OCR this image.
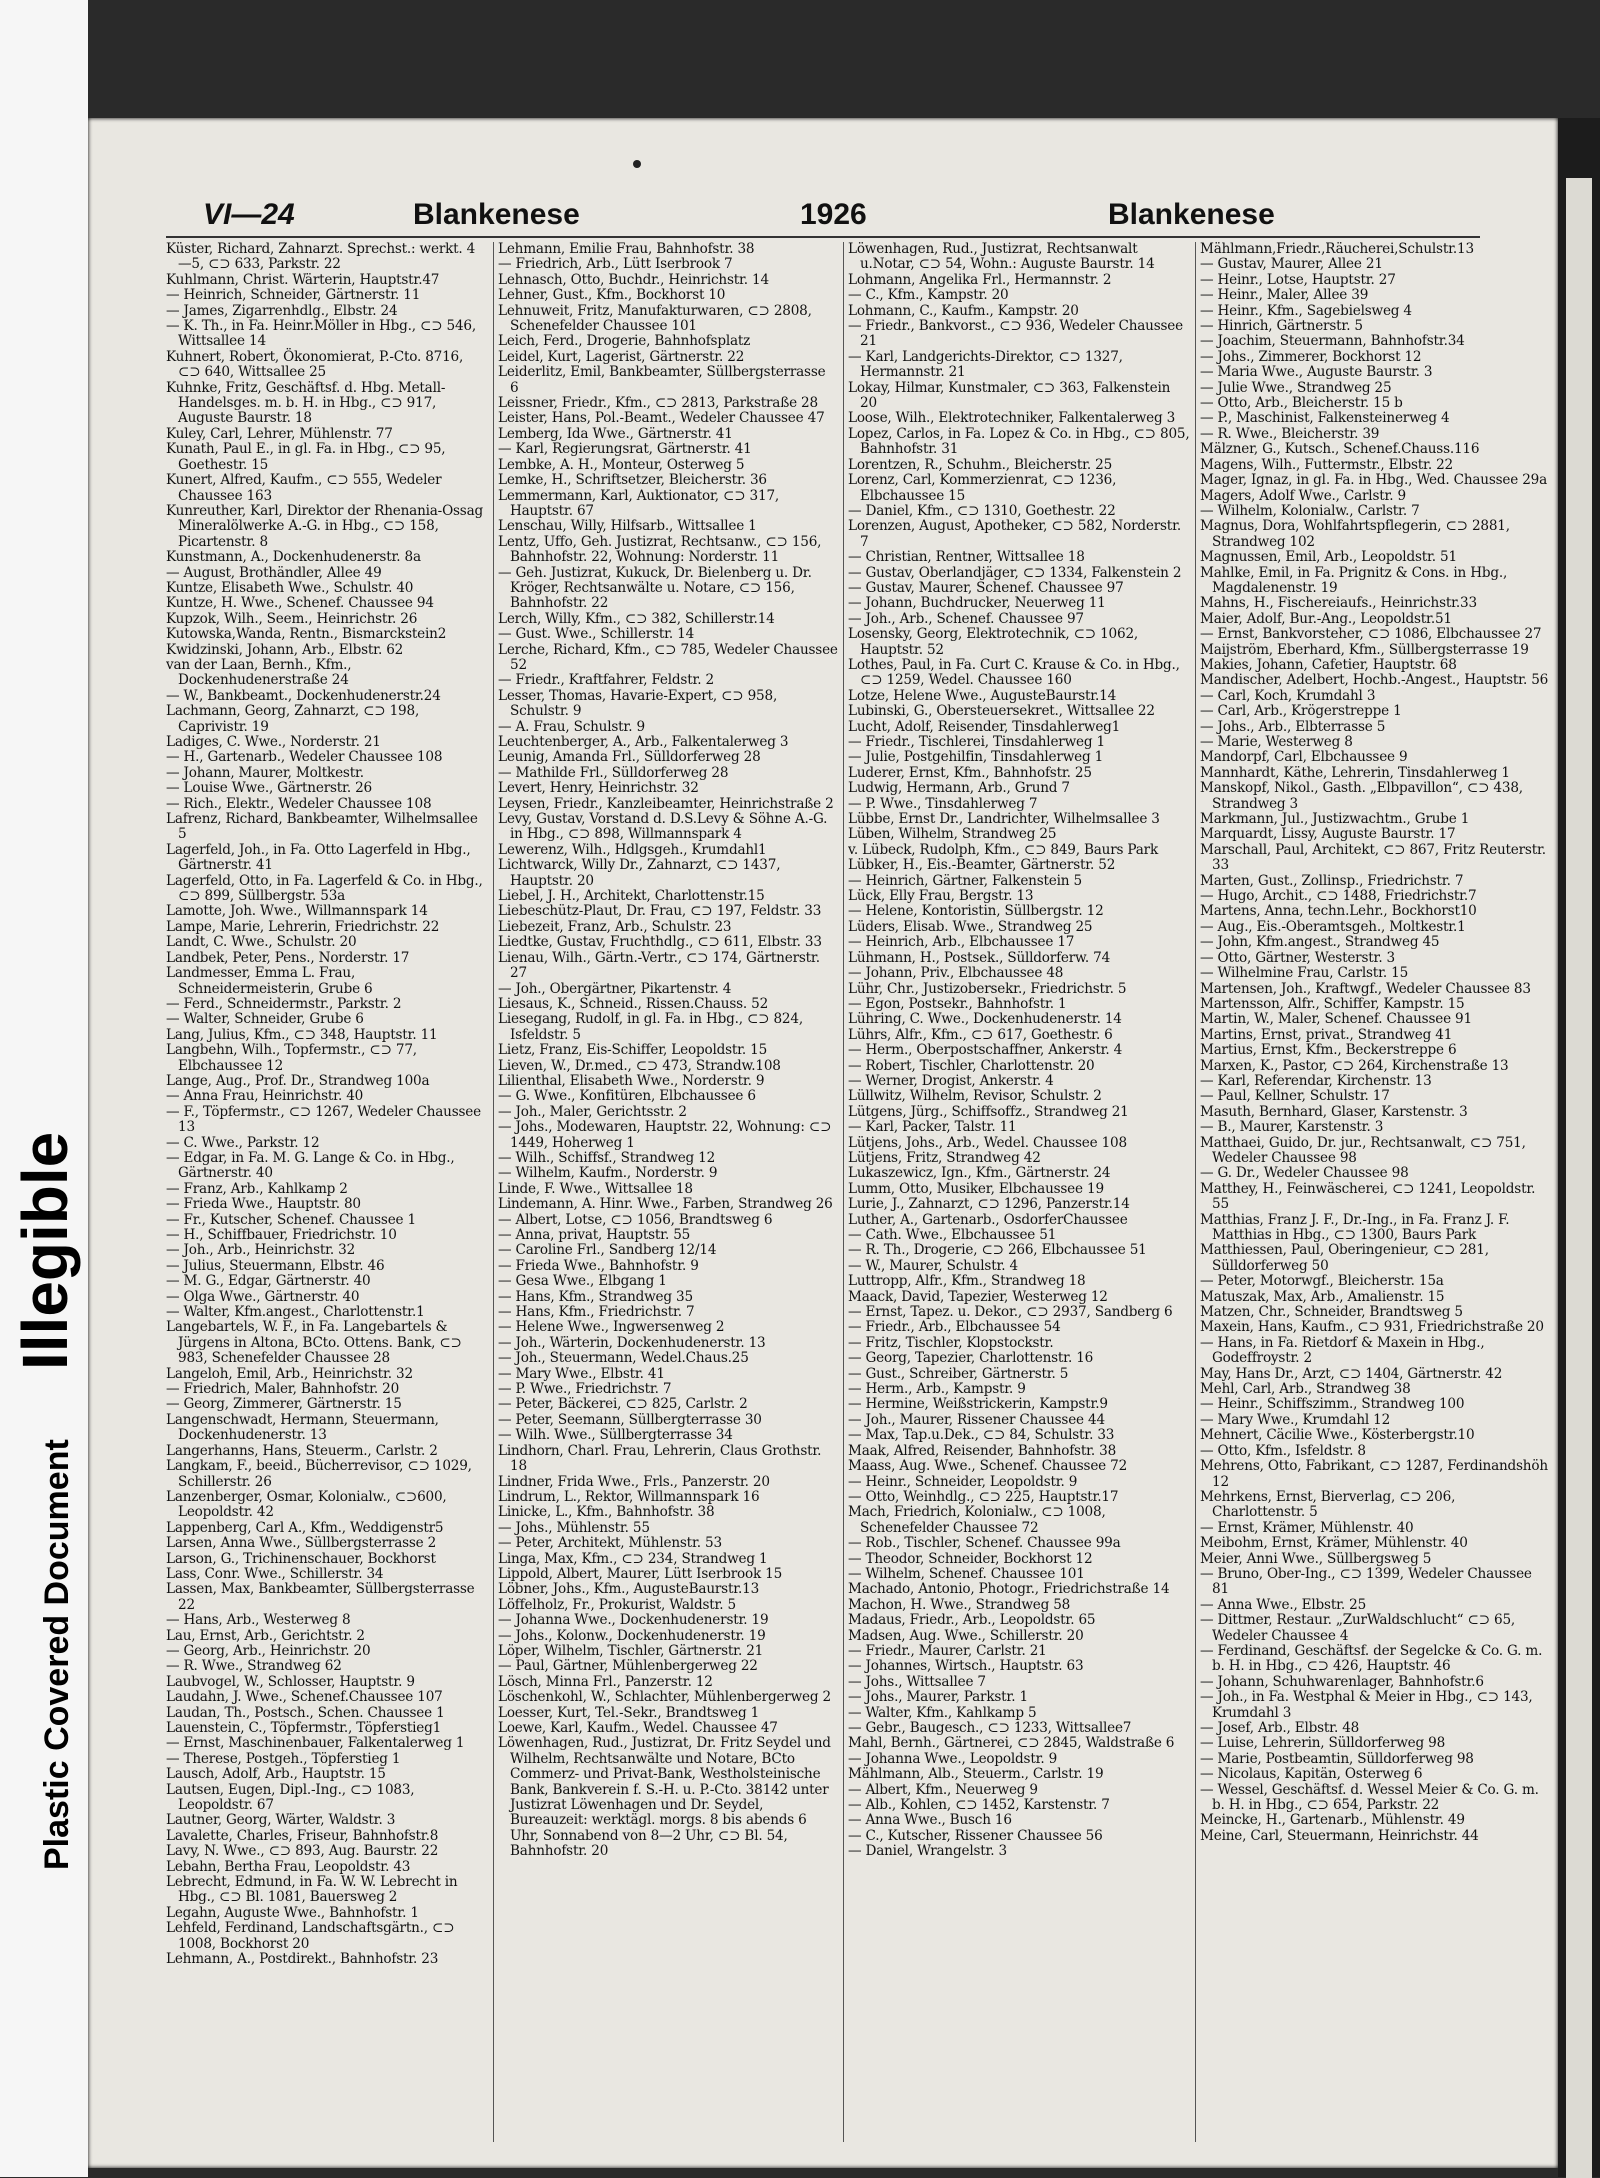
Illegible
Plastic Covered Document
VI—24	Blankenese	1926	Blankenese

Küster, Richard, Zahnarzt. Sprechst.: werkt. 4—5, ⊂⊃ 633, Parkstr. 22

Kuhlmann, Christ. Wärterin, Hauptstr.47

— Heinrich, Schneider, Gärtnerstr. 11

— James, Zigarrenhdlg., Elbstr. 24

— K. Th., in Fa. Heinr.Möller in Hbg., ⊂⊃ 546, Wittsallee 14

Kuhnert, Robert, Ökonomierat, P.-Cto. 8716, ⊂⊃ 640, Wittsallee 25

Kuhnke, Fritz, Geschäftsf. d. Hbg. Metall-Handelsges. m. b. H. in Hbg., ⊂⊃ 917, Auguste Baurstr. 18

Kuley, Carl, Lehrer, Mühlenstr. 77

Kunath, Paul E., in gl. Fa. in Hbg., ⊂⊃ 95, Goethestr. 15

Kunert, Alfred, Kaufm., ⊂⊃ 555, Wedeler Chaussee 163

Kunreuther, Karl, Direktor der Rhenania-Ossag Mineralölwerke A.-G. in Hbg., ⊂⊃ 158, Picartenstr. 8

Kunstmann, A., Dockenhudenerstr. 8a

— August, Brothändler, Allee 49

Kuntze, Elisabeth Wwe., Schulstr. 40

Kuntze, H. Wwe., Schenef. Chaussee 94

Kupzok, Wilh., Seem., Heinrichstr. 26

Kutowska,Wanda, Rentn., Bismarckstein2

Kwidzinski, Johann, Arb., Elbstr. 62

van der Laan, Bernh., Kfm., Dockenhudenerstraße 24

— W., Bankbeamt., Dockenhudenerstr.24

Lachmann, Georg, Zahnarzt, ⊂⊃ 198, Caprivistr. 19

Ladiges, C. Wwe., Norderstr. 21

— H., Gartenarb., Wedeler Chaussee 108

— Johann, Maurer, Moltkestr.

— Louise Wwe., Gärtnerstr. 26

— Rich., Elektr., Wedeler Chaussee 108

Lafrenz, Richard, Bankbeamter, Wilhelmsallee 5

Lagerfeld, Joh., in Fa. Otto Lagerfeld in Hbg., Gärtnerstr. 41

Lagerfeld, Otto, in Fa. Lagerfeld & Co. in Hbg., ⊂⊃ 899, Süllbergstr. 53a

Lamotte, Joh. Wwe., Willmannspark 14

Lampe, Marie, Lehrerin, Friedrichstr. 22

Landt, C. Wwe., Schulstr. 20

Landbek, Peter, Pens., Norderstr. 17

Landmesser, Emma L. Frau, Schneidermeisterin, Grube 6

— Ferd., Schneidermstr., Parkstr. 2

— Walter, Schneider, Grube 6

Lang, Julius, Kfm., ⊂⊃ 348, Hauptstr. 11

Langbehn, Wilh., Topfermstr., ⊂⊃ 77, Elbchaussee 12

Lange, Aug., Prof. Dr., Strandweg 100a

— Anna Frau, Heinrichstr. 40

— F., Töpfermstr., ⊂⊃ 1267, Wedeler Chaussee 13

— C. Wwe., Parkstr. 12

— Edgar, in Fa. M. G. Lange & Co. in Hbg., Gärtnerstr. 40

— Franz, Arb., Kahlkamp 2

— Frieda Wwe., Hauptstr. 80

— Fr., Kutscher, Schenef. Chaussee 1

— H., Schiffbauer, Friedrichstr. 10

— Joh., Arb., Heinrichstr. 32

— Julius, Steuermann, Elbstr. 46

— M. G., Edgar, Gärtnerstr. 40

— Olga Wwe., Gärtnerstr. 40

— Walter, Kfm.angest., Charlottenstr.1

Langebartels, W. F., in Fa. Langebartels & Jürgens in Altona, BCto. Ottens. Bank, ⊂⊃ 983, Schenefelder Chaussee 28

Langeloh, Emil, Arb., Heinrichstr. 32

— Friedrich, Maler, Bahnhofstr. 20

— Georg, Zimmerer, Gärtnerstr. 15

Langenschwadt, Hermann, Steuermann, Dockenhudenerstr. 13

Langerhanns, Hans, Steuerm., Carlstr. 2

Langkam, F., beeid., Bücherrevisor, ⊂⊃ 1029, Schillerstr. 26

Lanzenberger, Osmar, Kolonialw., ⊂⊃600, Leopoldstr. 42

Lappenberg, Carl A., Kfm., Weddigenstr5

Larsen, Anna Wwe., Süllbergsterrasse 2

Larson, G., Trichinenschauer, Bockhorst

Lass, Conr. Wwe., Schillerstr. 34

Lassen, Max, Bankbeamter, Süllbergsterrasse 22

— Hans, Arb., Westerweg 8

Lau, Ernst, Arb., Gerichtstr. 2

— Georg, Arb., Heinrichstr. 20

— R. Wwe., Strandweg 62

Laubvogel, W., Schlosser, Hauptstr. 9

Laudahn, J. Wwe., Schenef.Chaussee 107

Laudan, Th., Postsch., Schen. Chaussee 1

Lauenstein, C., Töpfermstr., Töpferstieg1

— Ernst, Maschinenbauer, Falkentalerweg 1

— Therese, Postgeh., Töpferstieg 1

Lausch, Adolf, Arb., Hauptstr. 15

Lautsen, Eugen, Dipl.-Ing., ⊂⊃ 1083, Leopoldstr. 67

Lautner, Georg, Wärter, Waldstr. 3

Lavalette, Charles, Friseur, Bahnhofstr.8

Lavy, N. Wwe., ⊂⊃ 893, Aug. Baurstr. 22

Lebahn, Bertha Frau, Leopoldstr. 43

Lebrecht, Edmund, in Fa. W. W. Lebrecht in Hbg., ⊂⊃ Bl. 1081, Bauersweg 2

Legahn, Auguste Wwe., Bahnhofstr. 1

Lehfeld, Ferdinand, Landschaftsgärtn., ⊂⊃ 1008, Bockhorst 20

Lehmann, A., Postdirekt., Bahnhofstr. 23

Lehmann, Emilie Frau, Bahnhofstr. 38

— Friedrich, Arb., Lütt Iserbrook 7

Lehnasch, Otto, Buchdr., Heinrichstr. 14

Lehner, Gust., Kfm., Bockhorst 10

Lehnuweit, Fritz, Manufakturwaren, ⊂⊃ 2808, Schenefelder Chaussee 101

Leich, Ferd., Drogerie, Bahnhofsplatz

Leidel, Kurt, Lagerist, Gärtnerstr. 22

Leiderlitz, Emil, Bankbeamter, Süllbergsterrasse 6

Leissner, Friedr., Kfm., ⊂⊃ 2813, Parkstraße 28

Leister, Hans, Pol.-Beamt., Wedeler Chaussee 47

Lemberg, Ida Wwe., Gärtnerstr. 41

— Karl, Regierungsrat, Gärtnerstr. 41

Lembke, A. H., Monteur, Osterweg 5

Lemke, H., Schriftsetzer, Bleicherstr. 36

Lemmermann, Karl, Auktionator, ⊂⊃ 317, Hauptstr. 67

Lenschau, Willy, Hilfsarb., Wittsallee 1

Lentz, Uffo, Geh. Justizrat, Rechtsanw., ⊂⊃ 156, Bahnhofstr. 22, Wohnung: Norderstr. 11

— Geh. Justizrat, Kukuck, Dr. Bielenberg u. Dr. Kröger, Rechtsanwälte u. Notare, ⊂⊃ 156, Bahnhofstr. 22

Lerch, Willy, Kfm., ⊂⊃ 382, Schillerstr.14

— Gust. Wwe., Schillerstr. 14

Lerche, Richard, Kfm., ⊂⊃ 785, Wedeler Chaussee 52

— Friedr., Kraftfahrer, Feldstr. 2

Lesser, Thomas, Havarie-Expert, ⊂⊃ 958, Schulstr. 9

— A. Frau, Schulstr. 9

Leuchtenberger, A., Arb., Falkentalerweg 3

Leunig, Amanda Frl., Sülldorferweg 28

— Mathilde Frl., Sülldorferweg 28

Levert, Henry, Heinrichstr. 32

Leysen, Friedr., Kanzleibeamter, Heinrichstraße 2

Levy, Gustav, Vorstand d. D.S.Levy & Söhne A.-G. in Hbg., ⊂⊃ 898, Willmannspark 4

Lewerenz, Wilh., Hdlgsgeh., Krumdahl1

Lichtwarck, Willy Dr., Zahnarzt, ⊂⊃ 1437, Hauptstr. 20

Liebel, J. H., Architekt, Charlottenstr.15

Liebeschütz-Plaut, Dr. Frau, ⊂⊃ 197, Feldstr. 33

Liebezeit, Franz, Arb., Schulstr. 23

Liedtke, Gustav, Fruchthdlg., ⊂⊃ 611, Elbstr. 33

Lienau, Wilh., Gärtn.-Vertr., ⊂⊃ 174, Gärtnerstr. 27

— Joh., Obergärtner, Pikartenstr. 4

Liesaus, K., Schneid., Rissen.Chauss. 52

Liesegang, Rudolf, in gl. Fa. in Hbg., ⊂⊃ 824, Isfeldstr. 5

Lietz, Franz, Eis-Schiffer, Leopoldstr. 15

Lieven, W., Dr.med., ⊂⊃ 473, Strandw.108

Lilienthal, Elisabeth Wwe., Norderstr. 9

— G. Wwe., Konfitüren, Elbchaussee 6

— Joh., Maler, Gerichtsstr. 2

— Johs., Modewaren, Hauptstr. 22, Wohnung: ⊂⊃ 1449, Hoherweg 1

— Wilh., Schiffsf., Strandweg 12

— Wilhelm, Kaufm., Norderstr. 9

Linde, F. Wwe., Wittsallee 18

Lindemann, A. Hinr. Wwe., Farben, Strandweg 26

— Albert, Lotse, ⊂⊃ 1056, Brandtsweg 6

— Anna, privat, Hauptstr. 55

— Caroline Frl., Sandberg 12/14

— Frieda Wwe., Bahnhofstr. 9

— Gesa Wwe., Elbgang 1

— Hans, Kfm., Strandweg 35

— Hans, Kfm., Friedrichstr. 7

— Helene Wwe., Ingwersenweg 2

— Joh., Wärterin, Dockenhudenerstr. 13

— Joh., Steuermann, Wedel.Chaus.25

— Mary Wwe., Elbstr. 41

— P. Wwe., Friedrichstr. 7

— Peter, Bäckerei, ⊂⊃ 825, Carlstr. 2

— Peter, Seemann, Süllbergterrasse 30

— Wilh. Wwe., Süllbergterrasse 34

Lindhorn, Charl. Frau, Lehrerin, Claus Grothstr. 18

Lindner, Frida Wwe., Frls., Panzerstr. 20

Lindrum, L., Rektor, Willmannspark 16

Linicke, L., Kfm., Bahnhofstr. 38

— Johs., Mühlenstr. 55

— Peter, Architekt, Mühlenstr. 53

Linga, Max, Kfm., ⊂⊃ 234, Strandweg 1

Lippold, Albert, Maurer, Lütt Iserbrook 15

Löbner, Johs., Kfm., AugusteBaurstr.13

Löffelholz, Fr., Prokurist, Waldstr. 5

— Johanna Wwe., Dockenhudenerstr. 19

— Johs., Kolonw., Dockenhudenerstr. 19

Löper, Wilhelm, Tischler, Gärtnerstr. 21

— Paul, Gärtner, Mühlenbergerweg 22

Lösch, Minna Frl., Panzerstr. 12

Löschenkohl, W., Schlachter, Mühlenbergerweg 2

Loesser, Kurt, Tel.-Sekr., Brandtsweg 1

Loewe, Karl, Kaufm., Wedel. Chaussee 47

Löwenhagen, Rud., Justizrat, Dr. Fritz Seydel und Wilhelm, Rechtsanwälte und Notare, BCto Commerz- und Privat-Bank, Westholsteinische Bank, Bankverein f. S.-H. u. P.-Cto. 38142 unter Justizrat Löwenhagen und Dr. Seydel, Bureauzeit: werktägl. morgs. 8 bis abends 6 Uhr, Sonnabend von 8—2 Uhr, ⊂⊃ Bl. 54, Bahnhofstr. 20

Löwenhagen, Rud., Justizrat, Rechtsanwalt u.Notar, ⊂⊃ 54, Wohn.: Auguste Baurstr. 14

Lohmann, Angelika Frl., Hermannstr. 2

— C., Kfm., Kampstr. 20

Lohmann, C., Kaufm., Kampstr. 20

— Friedr., Bankvorst., ⊂⊃ 936, Wedeler Chaussee 21

— Karl, Landgerichts-Direktor, ⊂⊃ 1327, Hermannstr. 21

Lokay, Hilmar, Kunstmaler, ⊂⊃ 363, Falkenstein 20

Loose, Wilh., Elektrotechniker, Falkentalerweg 3

Lopez, Carlos, in Fa. Lopez & Co. in Hbg., ⊂⊃ 805, Bahnhofstr. 31

Lorentzen, R., Schuhm., Bleicherstr. 25

Lorenz, Carl, Kommerzienrat, ⊂⊃ 1236, Elbchaussee 15

— Daniel, Kfm., ⊂⊃ 1310, Goethestr. 22

Lorenzen, August, Apotheker, ⊂⊃ 582, Norderstr. 7

— Christian, Rentner, Wittsallee 18

— Gustav, Oberlandjäger, ⊂⊃ 1334, Falkenstein 2

— Gustav, Maurer, Schenef. Chaussee 97

— Johann, Buchdrucker, Neuerweg 11

— Joh., Arb., Schenef. Chaussee 97

Losensky, Georg, Elektrotechnik, ⊂⊃ 1062, Hauptstr. 52

Lothes, Paul, in Fa. Curt C. Krause & Co. in Hbg., ⊂⊃ 1259, Wedel. Chaussee 160

Lotze, Helene Wwe., AugusteBaurstr.14

Lubinski, G., Obersteuersekret., Wittsallee 22

Lucht, Adolf, Reisender, Tinsdahlerweg1

— Friedr., Tischlerei, Tinsdahlerweg 1

— Julie, Postgehilfin, Tinsdahlerweg 1

Luderer, Ernst, Kfm., Bahnhofstr. 25

Ludwig, Hermann, Arb., Grund 7

— P. Wwe., Tinsdahlerweg 7

Lübbe, Ernst Dr., Landrichter, Wilhelmsallee 3

Lüben, Wilhelm, Strandweg 25

v. Lübeck, Rudolph, Kfm., ⊂⊃ 849, Baurs Park

Lübker, H., Eis.-Beamter, Gärtnerstr. 52

— Heinrich, Gärtner, Falkenstein 5

Lück, Elly Frau, Bergstr. 13

— Helene, Kontoristin, Süllbergstr. 12

Lüders, Elisab. Wwe., Strandweg 25

— Heinrich, Arb., Elbchaussee 17

Lühmann, H., Postsek., Sülldorferw. 74

— Johann, Priv., Elbchaussee 48

Lühr, Chr., Justizobersekr., Friedrichstr. 5

— Egon, Postsekr., Bahnhofstr. 1

Lühring, C. Wwe., Dockenhudenerstr. 14

Lührs, Alfr., Kfm., ⊂⊃ 617, Goethestr. 6

— Herm., Oberpostschaffner, Ankerstr. 4

— Robert, Tischler, Charlottenstr. 20

— Werner, Drogist, Ankerstr. 4

Lüllwitz, Wilhelm, Revisor, Schulstr. 2

Lütgens, Jürg., Schiffsoffz., Strandweg 21

— Karl, Packer, Talstr. 11

Lütjens, Johs., Arb., Wedel. Chaussee 108

Lütjens, Fritz, Strandweg 42

Lukaszewicz, Ign., Kfm., Gärtnerstr. 24

Lumm, Otto, Musiker, Elbchaussee 19

Lurie, J., Zahnarzt, ⊂⊃ 1296, Panzerstr.14

Luther, A., Gartenarb., OsdorferChaussee

— Cath. Wwe., Elbchaussee 51

— R. Th., Drogerie, ⊂⊃ 266, Elbchaussee 51

— W., Maurer, Schulstr. 4

Luttropp, Alfr., Kfm., Strandweg 18

Maack, David, Tapezier, Westerweg 12

— Ernst, Tapez. u. Dekor., ⊂⊃ 2937, Sandberg 6

— Friedr., Arb., Elbchaussee 54

— Fritz, Tischler, Klopstockstr.

— Georg, Tapezier, Charlottenstr. 16

— Gust., Schreiber, Gärtnerstr. 5

— Herm., Arb., Kampstr. 9

— Hermine, Weißstrickerin, Kampstr.9

— Joh., Maurer, Rissener Chaussee 44

— Max, Tap.u.Dek., ⊂⊃ 84, Schulstr. 33

Maak, Alfred, Reisender, Bahnhofstr. 38

Maass, Aug. Wwe., Schenef. Chaussee 72

— Heinr., Schneider, Leopoldstr. 9

— Otto, Weinhdlg., ⊂⊃ 225, Hauptstr.17

Mach, Friedrich, Kolonialw., ⊂⊃ 1008, Schenefelder Chaussee 72

— Rob., Tischler, Schenef. Chaussee 99a

— Theodor, Schneider, Bockhorst 12

— Wilhelm, Schenef. Chaussee 101

Machado, Antonio, Photogr., Friedrichstraße 14

Machon, H. Wwe., Strandweg 58

Madaus, Friedr., Arb., Leopoldstr. 65

Madsen, Aug. Wwe., Schillerstr. 20

— Friedr., Maurer, Carlstr. 21

— Johannes, Wirtsch., Hauptstr. 63

— Johs., Wittsallee 7

— Johs., Maurer, Parkstr. 1

— Walter, Kfm., Kahlkamp 5

— Gebr., Baugesch., ⊂⊃ 1233, Wittsallee7

Mahl, Bernh., Gärtnerei, ⊂⊃ 2845, Waldstraße 6

— Johanna Wwe., Leopoldstr. 9

Mählmann, Alb., Steuerm., Carlstr. 19

— Albert, Kfm., Neuerweg 9

— Alb., Kohlen, ⊂⊃ 1452, Karstenstr. 7

— Anna Wwe., Busch 16

— C., Kutscher, Rissener Chaussee 56

— Daniel, Wrangelstr. 3

Mählmann,Friedr.,Räucherei,Schulstr.13

— Gustav, Maurer, Allee 21

— Heinr., Lotse, Hauptstr. 27

— Heinr., Maler, Allee 39

— Heinr., Kfm., Sagebielsweg 4

— Hinrich, Gärtnerstr. 5

— Joachim, Steuermann, Bahnhofstr.34

— Johs., Zimmerer, Bockhorst 12

— Maria Wwe., Auguste Baurstr. 3

— Julie Wwe., Strandweg 25

— Otto, Arb., Bleicherstr. 15 b

— P., Maschinist, Falkensteinerweg 4

— R. Wwe., Bleicherstr. 39

Mälzner, G., Kutsch., Schenef.Chauss.116

Magens, Wilh., Futtermstr., Elbstr. 22

Mager, Ignaz, in gl. Fa. in Hbg., Wed. Chaussee 29a

Magers, Adolf Wwe., Carlstr. 9

— Wilhelm, Kolonialw., Carlstr. 7

Magnus, Dora, Wohlfahrtspflegerin, ⊂⊃ 2881, Strandweg 102

Magnussen, Emil, Arb., Leopoldstr. 51

Mahlke, Emil, in Fa. Prignitz & Cons. in Hbg., Magdalenenstr. 19

Mahns, H., Fischereiaufs., Heinrichstr.33

Maier, Adolf, Bur.-Ang., Leopoldstr.51

— Ernst, Bankvorsteher, ⊂⊃ 1086, Elbchaussee 27

Maijström, Eberhard, Kfm., Süllbergsterrasse 19

Makies, Johann, Cafetier, Hauptstr. 68

Mandischer, Adelbert, Hochb.-Angest., Hauptstr. 56

— Carl, Koch, Krumdahl 3

— Carl, Arb., Krögerstreppe 1

— Johs., Arb., Elbterrasse 5

— Marie, Westerweg 8

Mandorpf, Carl, Elbchaussee 9

Mannhardt, Käthe, Lehrerin, Tinsdahlerweg 1

Manskopf, Nikol., Gasth. „Elbpavillon“, ⊂⊃ 438, Strandweg 3

Markmann, Jul., Justizwachtm., Grube 1

Marquardt, Lissy, Auguste Baurstr. 17

Marschall, Paul, Architekt, ⊂⊃ 867, Fritz Reuterstr. 33

Marten, Gust., Zollinsp., Friedrichstr. 7

— Hugo, Archit., ⊂⊃ 1488, Friedrichstr.7

Martens, Anna, techn.Lehr., Bockhorst10

— Aug., Eis.-Oberamtsgeh., Moltkestr.1

— John, Kfm.angest., Strandweg 45

— Otto, Gärtner, Westerstr. 3

— Wilhelmine Frau, Carlstr. 15

Martensen, Joh., Kraftwgf., Wedeler Chaussee 83

Martensson, Alfr., Schiffer, Kampstr. 15

Martin, W., Maler, Schenef. Chaussee 91

Martins, Ernst, privat., Strandweg 41

Martius, Ernst, Kfm., Beckerstreppe 6

Marxen, K., Pastor, ⊂⊃ 264, Kirchenstraße 13

— Karl, Referendar, Kirchenstr. 13

— Paul, Kellner, Schulstr. 17

Masuth, Bernhard, Glaser, Karstenstr. 3

— B., Maurer, Karstenstr. 3

Matthaei, Guido, Dr. jur., Rechtsanwalt, ⊂⊃ 751, Wedeler Chaussee 98

— G. Dr., Wedeler Chaussee 98

Matthey, H., Feinwäscherei, ⊂⊃ 1241, Leopoldstr. 55

Matthias, Franz J. F., Dr.-Ing., in Fa. Franz J. F. Matthias in Hbg., ⊂⊃ 1300, Baurs Park

Matthiessen, Paul, Oberingenieur, ⊂⊃ 281, Sülldorferweg 50

— Peter, Motorwgf., Bleicherstr. 15a

Matuszak, Max, Arb., Amalienstr. 15

Matzen, Chr., Schneider, Brandtsweg 5

Maxein, Hans, Kaufm., ⊂⊃ 931, Friedrichstraße 20

— Hans, in Fa. Rietdorf & Maxein in Hbg., Godeffroystr. 2

May, Hans Dr., Arzt, ⊂⊃ 1404, Gärtnerstr. 42

Mehl, Carl, Arb., Strandweg 38

— Heinr., Schiffszimm., Strandweg 100

— Mary Wwe., Krumdahl 12

Mehnert, Cäcilie Wwe., Kösterbergstr.10

— Otto, Kfm., Isfeldstr. 8

Mehrens, Otto, Fabrikant, ⊂⊃ 1287, Ferdinandshöh 12

Mehrkens, Ernst, Bierverlag, ⊂⊃ 206, Charlottenstr. 5

— Ernst, Krämer, Mühlenstr. 40

Meibohm, Ernst, Krämer, Mühlenstr. 40

Meier, Anni Wwe., Süllbergsweg 5

— Bruno, Ober-Ing., ⊂⊃ 1399, Wedeler Chaussee 81

— Anna Wwe., Elbstr. 25

— Dittmer, Restaur. „ZurWaldschlucht“ ⊂⊃ 65, Wedeler Chaussee 4

— Ferdinand, Geschäftsf. der Segelcke & Co. G. m. b. H. in Hbg., ⊂⊃ 426, Hauptstr. 46

— Johann, Schuhwarenlager, Bahnhofstr.6

— Joh., in Fa. Westphal & Meier in Hbg., ⊂⊃ 143, Krumdahl 3

— Josef, Arb., Elbstr. 48

— Luise, Lehrerin, Sülldorferweg 98

— Marie, Postbeamtin, Sülldorferweg 98

— Nicolaus, Kapitän, Osterweg 6

— Wessel, Geschäftsf. d. Wessel Meier & Co. G. m. b. H. in Hbg., ⊂⊃ 654, Parkstr. 22

Meincke, H., Gartenarb., Mühlenstr. 49

Meine, Carl, Steuermann, Heinrichstr. 44
